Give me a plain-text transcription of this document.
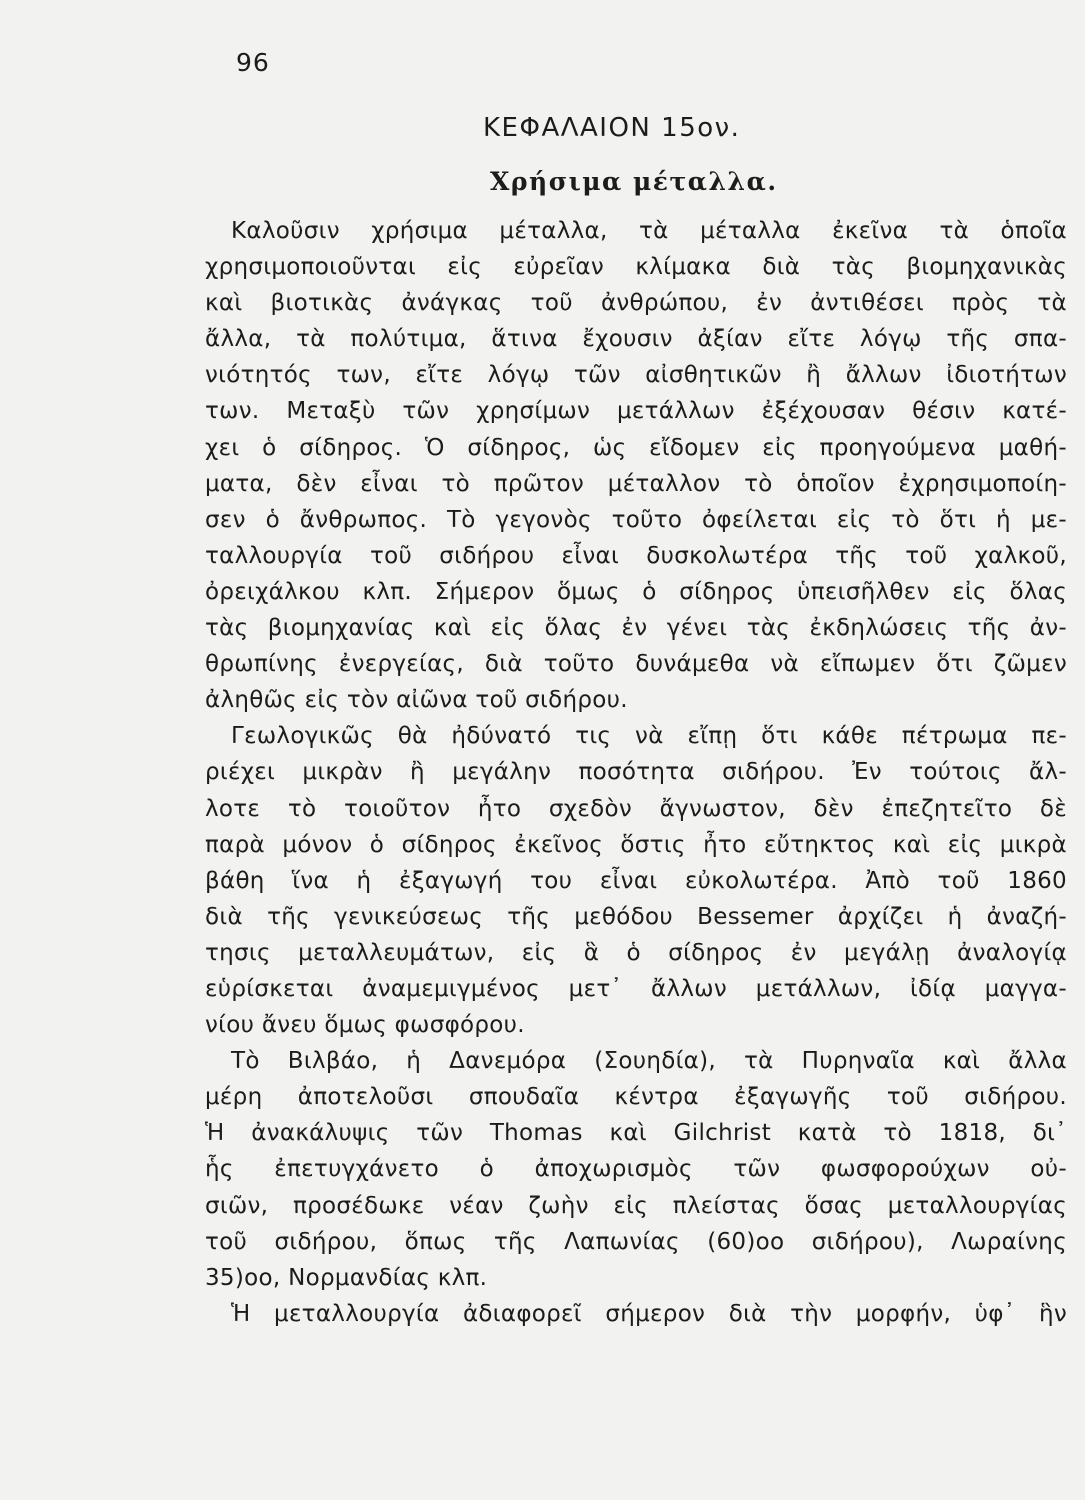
96
ΚΕΦΑΛΑΙΟΝ 15ον.
Χρήσιμα μέταλλα.
Καλοῦσιν χρήσιμα μέταλλα, τὰ μέταλλα ἐκεῖνα τὰ ὁποῖα
χρησιμοποιοῦνται εἰς εὐρεῖαν κλίμακα διὰ τὰς βιομηχανικὰς
καὶ βιοτικὰς ἀνάγκας τοῦ ἀνθρώπου, ἐν ἀντιθέσει πρὸς τὰ
ἄλλα, τὰ πολύτιμα, ἅτινα ἔχουσιν ἀξίαν εἴτε λόγῳ τῆς σπα-
νιότητός των, εἴτε λόγῳ τῶν αἰσθητικῶν ἢ ἄλλων ἰδιοτήτων
των. Μεταξὺ τῶν χρησίμων μετάλλων ἐξέχουσαν θέσιν κατέ-
χει ὁ σίδηρος. Ὁ σίδηρος, ὡς εἴδομεν εἰς προηγούμενα μαθή-
ματα, δὲν εἶναι τὸ πρῶτον μέταλλον τὸ ὁποῖον ἐχρησιμοποίη-
σεν ὁ ἄνθρωπος. Τὸ γεγονὸς τοῦτο ὀφείλεται εἰς τὸ ὅτι ἡ με-
ταλλουργία τοῦ σιδήρου εἶναι δυσκολωτέρα τῆς τοῦ χαλκοῦ,
ὀρειχάλκου κλπ. Σήμερον ὅμως ὁ σίδηρος ὑπεισῆλθεν εἰς ὅλας
τὰς βιομηχανίας καὶ εἰς ὅλας ἐν γένει τὰς ἐκδηλώσεις τῆς ἀν-
θρωπίνης ἐνεργείας, διὰ τοῦτο δυνάμεθα νὰ εἴπωμεν ὅτι ζῶμεν
ἀληθῶς εἰς τὸν αἰῶνα τοῦ σιδήρου.
Γεωλογικῶς θὰ ἠδύνατό τις νὰ εἴπῃ ὅτι κάθε πέτρωμα πε-
ριέχει μικρὰν ἢ μεγάλην ποσότητα σιδήρου. Ἐν τούτοις ἄλ-
λοτε τὸ τοιοῦτον ἦτο σχεδὸν ἄγνωστον, δὲν ἐπεζητεῖτο δὲ
παρὰ μόνον ὁ σίδηρος ἐκεῖνος ὅστις ἦτο εὔτηκτος καὶ εἰς μικρὰ
βάθη ἵνα ἡ ἐξαγωγή του εἶναι εὐκολωτέρα. Ἀπὸ τοῦ 1860
διὰ τῆς γενικεύσεως τῆς μεθόδου Bessemer ἀρχίζει ἡ ἀναζή-
τησις μεταλλευμάτων, εἰς ἃ ὁ σίδηρος ἐν μεγάλῃ ἀναλογίᾳ
εὑρίσκεται ἀναμεμιγμένος μετ᾽ ἄλλων μετάλλων, ἰδίᾳ μαγγα-
νίου ἄνευ ὅμως φωσφόρου.
Τὸ Βιλβάο, ἡ Δανεμόρα (Σουηδία), τὰ Πυρηναῖα καὶ ἄλλα
μέρη ἀποτελοῦσι σπουδαῖα κέντρα ἐξαγωγῆς τοῦ σιδήρου.
Ἡ ἀνακάλυψις τῶν Thomas καὶ Gilchrist κατὰ τὸ 1818, δι᾽
ἧς ἐπετυγχάνετο ὁ ἀποχωρισμὸς τῶν φωσφορούχων οὐ-
σιῶν, προσέδωκε νέαν ζωὴν εἰς πλείστας ὅσας μεταλλουργίας
τοῦ σιδήρου, ὅπως τῆς Λαπωνίας (60)οο σιδήρου), Λωραίνης
35)οο, Νορμανδίας κλπ.
Ἡ μεταλλουργία ἀδιαφορεῖ σήμερον διὰ τὴν μορφήν, ὑφ᾽ ἣν
